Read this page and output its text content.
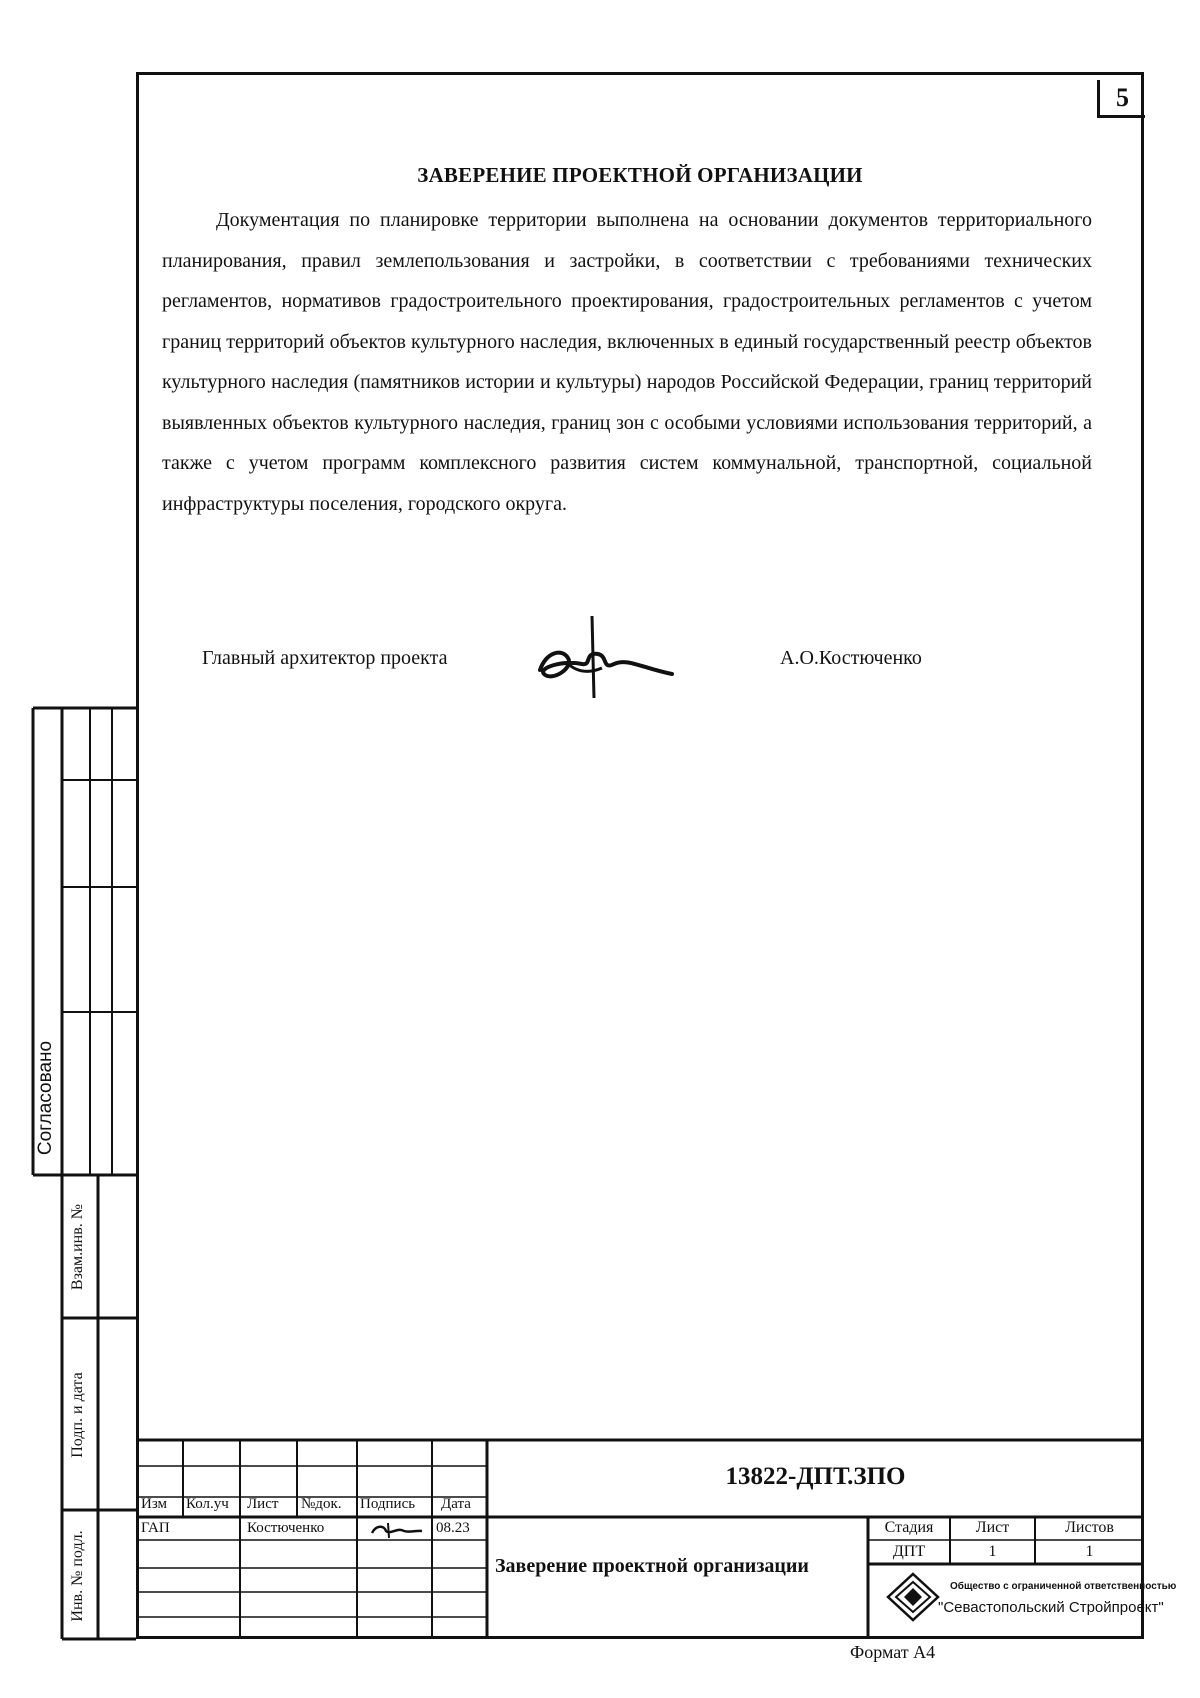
5
ЗАВЕРЕНИЕ ПРОЕКТНОЙ ОРГАНИЗАЦИИ
Документация по планировке территории выполнена на основании документов территориального планирования, правил землепользования и застройки, в соответствии с требованиями технических регламентов, нормативов градостроительного проектирования, градостроительных регламентов с учетом границ территорий объектов культурного наследия, включенных в единый государственный реестр объектов культурного наследия (памятников истории и культуры) народов Российской Федерации, границ территорий выявленных объектов культурного наследия, границ зон с особыми условиями использования территорий, а также с учетом программ комплексного развития систем коммунальной, транспортной, социальной инфраструктуры поселения, городского округа.
Главный архитектор проекта	А.О.Костюченко
Согласовано
Взам.инв. №
Подп. и дата
Инв. № подл.
Изм Кол.уч Лист №док. Подпись Дата
ГАП	Костюченко	08.23
13822-ДПТ.ЗПО
Заверение проектной организации
Стадия	Лист	Листов
ДПТ	1	1
Общество с ограниченной ответственностью
"Севастопольский Стройпроект"
Формат А4
